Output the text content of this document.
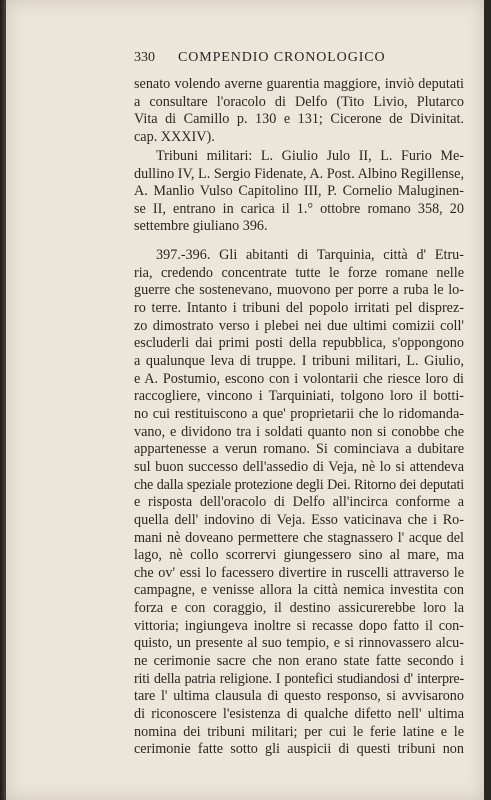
330 COMPENDIO CRONOLOGICO
senato volendo averne guarentia maggiore, inviò deputati
a consultare l'oracolo di Delfo (Tito Livio, Plutarco
Vita di Camillo p. 130 e 131; Cicerone de Divinitat.
cap. XXXIV).
Tribuni militari: L. Giulio Julo II, L. Furio Me-
dullino IV, L. Sergio Fidenate, A. Post. Albino Regillense,
A. Manlio Vulso Capitolino III, P. Cornelio Maluginen-
se II, entrano in carica il 1.° ottobre romano 358, 20
settembre giuliano 396.
397.-396. Gli abitanti di Tarquinia, città d' Etru-
ria, credendo concentrate tutte le forze romane nelle
guerre che sostenevano, muovono per porre a ruba le lo-
ro terre. Intanto i tribuni del popolo irritati pel disprez-
zo dimostrato verso i plebei nei due ultimi comizii coll'
escluderli dai primi posti della repubblica, s'oppongono
a qualunque leva di truppe. I tribuni militari, L. Giulio,
e A. Postumio, escono con i volontarii che riesce loro di
raccogliere, vincono i Tarquiniati, tolgono loro il botti-
no cui restituiscono a que' proprietarii che lo ridomanda-
vano, e dividono tra i soldati quanto non si conobbe che
appartenesse a verun romano. Si cominciava a dubitare
sul buon successo dell'assedio di Veja, nè lo si attendeva
che dalla speziale protezione degli Dei. Ritorno dei deputati
e risposta dell'oracolo di Delfo all'incirca conforme a
quella dell' indovino di Veja. Esso vaticinava che i Ro-
mani nè doveano permettere che stagnassero l' acque del
lago, nè collo scorrervi giungessero sino al mare, ma
che ov' essi lo facessero divertire in ruscelli attraverso le
campagne, e venisse allora la città nemica investita con
forza e con coraggio, il destino assicurerebbe loro la
vittoria; ingiungeva inoltre si recasse dopo fatto il con-
quisto, un presente al suo tempio, e si rinnovassero alcu-
ne cerimonie sacre che non erano state fatte secondo i
riti della patria religione. I pontefici studiandosi d' interpre-
tare l' ultima clausula di questo responso, si avvisarono
di riconoscere l'esistenza di qualche difetto nell' ultima
nomina dei tribuni militari; per cui le ferie latine e le
cerimonie fatte sotto gli auspicii di questi tribuni non
